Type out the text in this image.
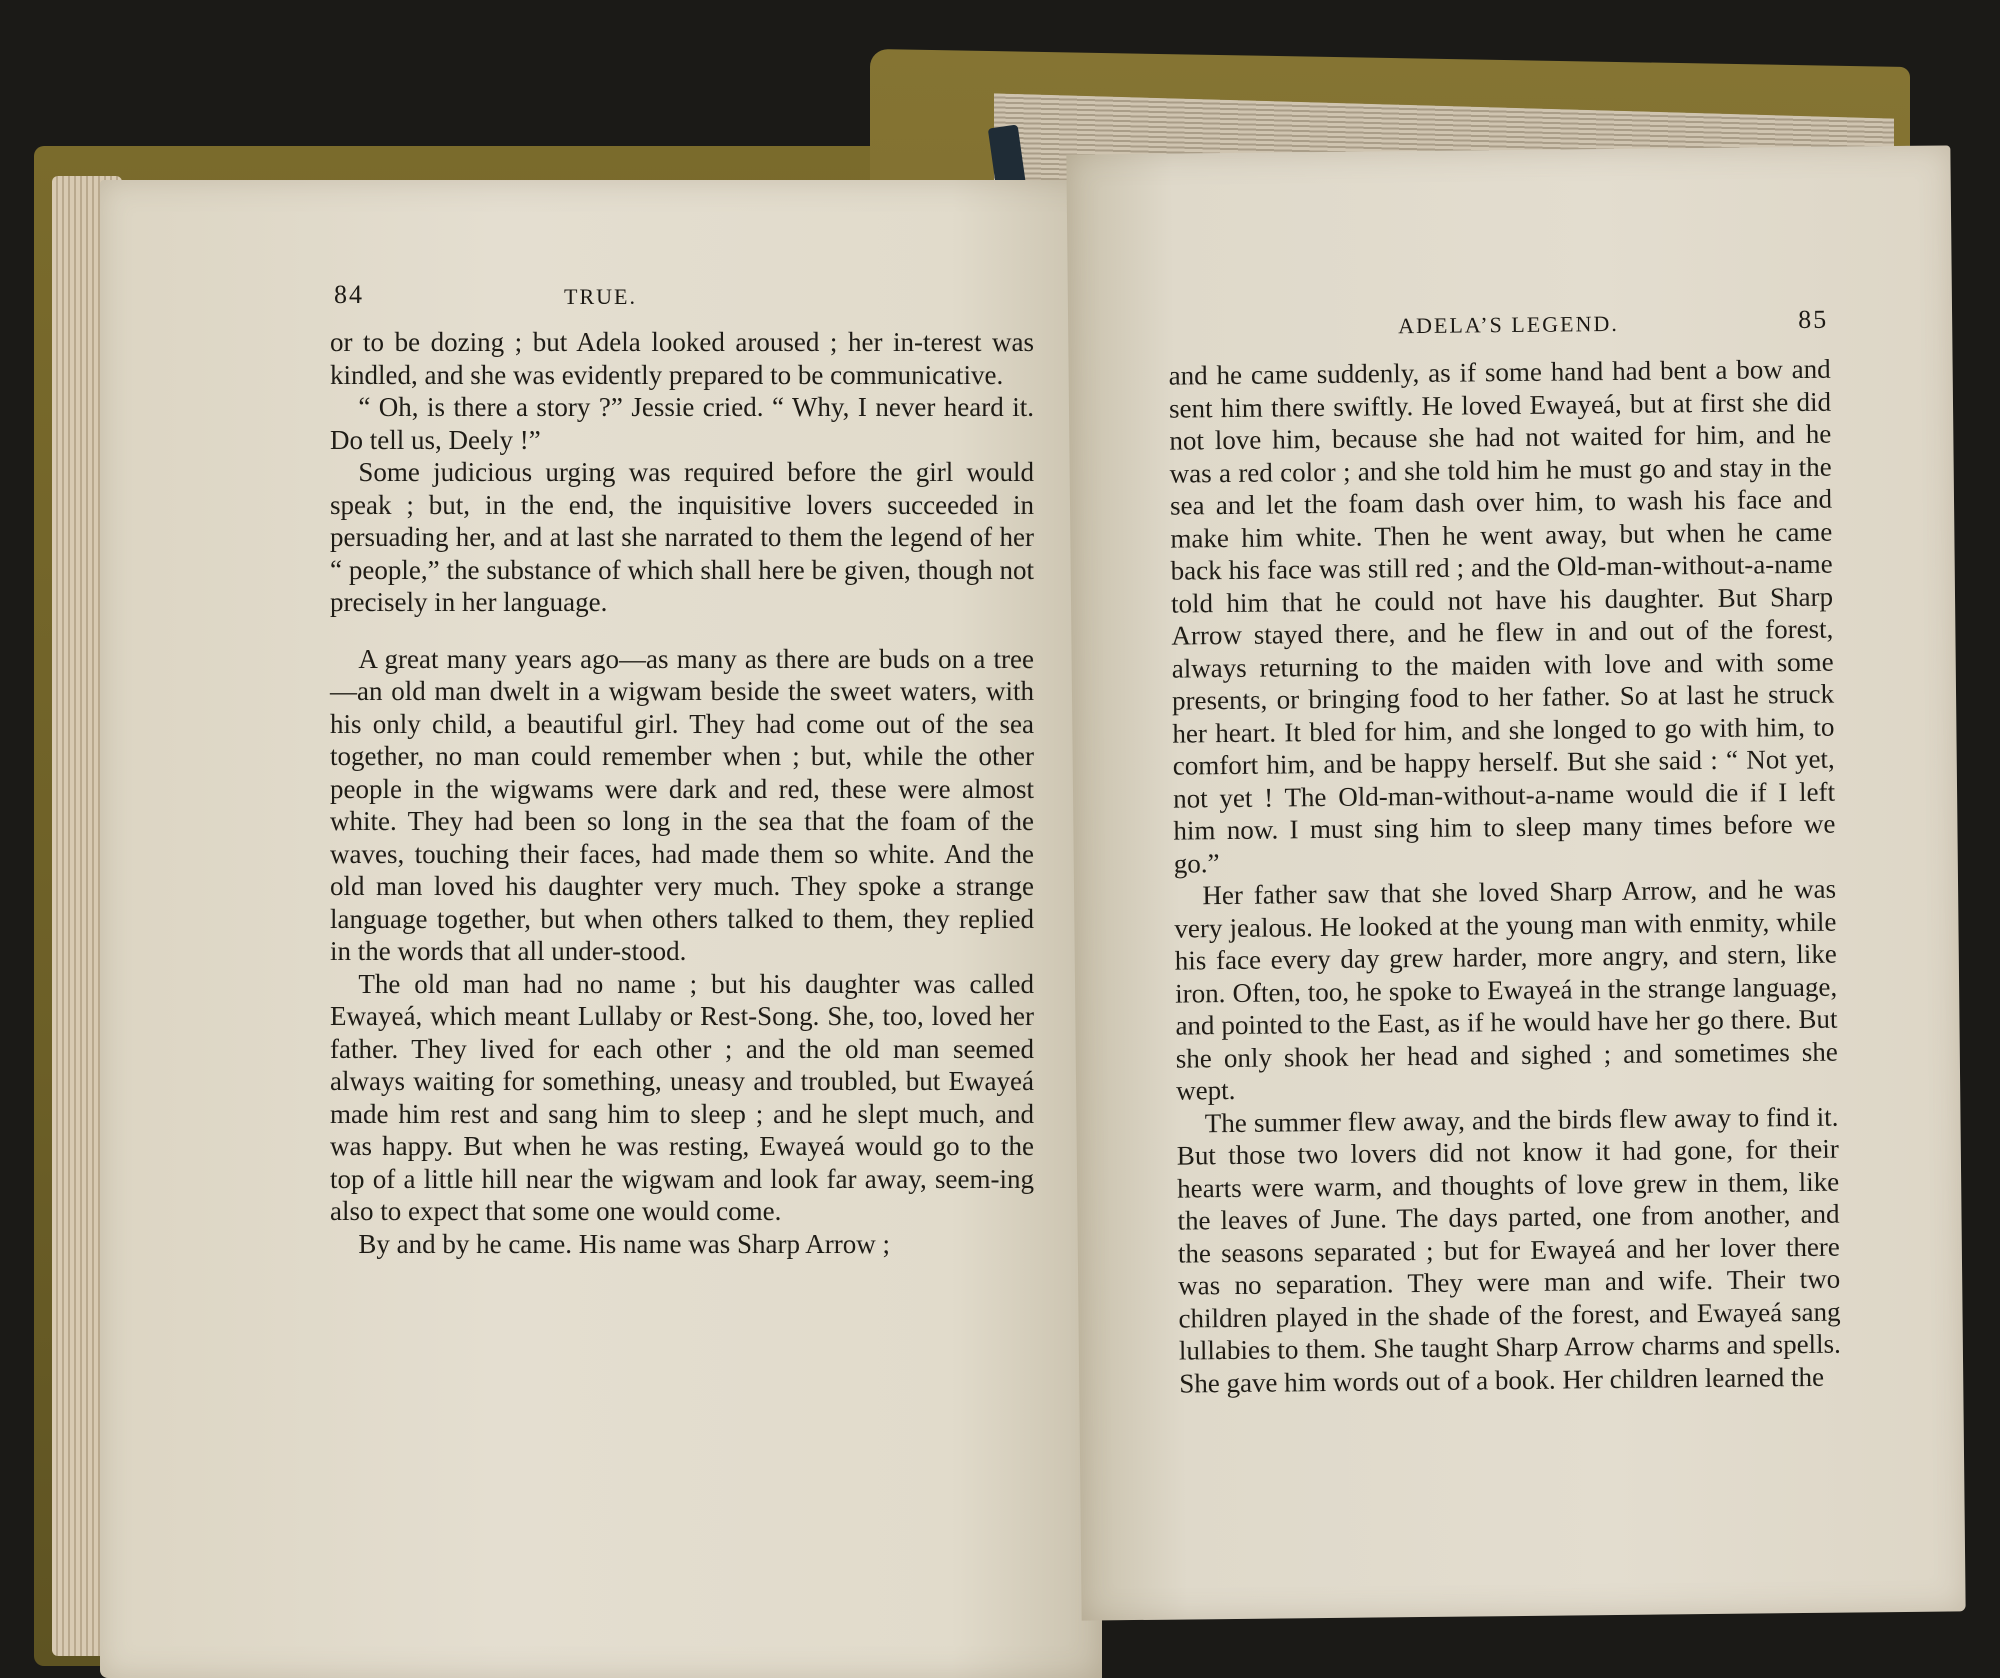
84	TRUE.

or to be dozing ; but Adela looked aroused ; her in-terest was kindled, and she was evidently prepared to be communicative.

“ Oh, is there a story ?” Jessie cried. “ Why, I never heard it. Do tell us, Deely !”

Some judicious urging was required before the girl would speak ; but, in the end, the inquisitive lovers succeeded in persuading her, and at last she narrated to them the legend of her “ people,” the substance of which shall here be given, though not precisely in her language.

A great many years ago—as many as there are buds on a tree—an old man dwelt in a wigwam beside the sweet waters, with his only child, a beautiful girl. They had come out of the sea together, no man could remember when ; but, while the other people in the wigwams were dark and red, these were almost white. They had been so long in the sea that the foam of the waves, touching their faces, had made them so white. And the old man loved his daughter very much. They spoke a strange language together, but when others talked to them, they replied in the words that all under-stood.

The old man had no name ; but his daughter was called Ewayeá, which meant Lullaby or Rest-Song. She, too, loved her father. They lived for each other ; and the old man seemed always waiting for something, uneasy and troubled, but Ewayeá made him rest and sang him to sleep ; and he slept much, and was happy. But when he was resting, Ewayeá would go to the top of a little hill near the wigwam and look far away, seem-ing also to expect that some one would come.

By and by he came. His name was Sharp Arrow ;

ADELA’S LEGEND.	85

and he came suddenly, as if some hand had bent a bow and sent him there swiftly. He loved Ewayeá, but at first she did not love him, because she had not waited for him, and he was a red color ; and she told him he must go and stay in the sea and let the foam dash over him, to wash his face and make him white. Then he went away, but when he came back his face was still red ; and the Old-man-without-a-name told him that he could not have his daughter. But Sharp Arrow stayed there, and he flew in and out of the forest, always returning to the maiden with love and with some presents, or bringing food to her father. So at last he struck her heart. It bled for him, and she longed to go with him, to comfort him, and be happy herself. But she said : “ Not yet, not yet ! The Old-man-without-a-name would die if I left him now. I must sing him to sleep many times before we go.”

Her father saw that she loved Sharp Arrow, and he was very jealous. He looked at the young man with enmity, while his face every day grew harder, more angry, and stern, like iron. Often, too, he spoke to Ewayeá in the strange language, and pointed to the East, as if he would have her go there. But she only shook her head and sighed ; and sometimes she wept.

The summer flew away, and the birds flew away to find it. But those two lovers did not know it had gone, for their hearts were warm, and thoughts of love grew in them, like the leaves of June. The days parted, one from another, and the seasons separated ; but for Ewayeá and her lover there was no separation. They were man and wife. Their two children played in the shade of the forest, and Ewayeá sang lullabies to them. She taught Sharp Arrow charms and spells. She gave him words out of a book. Her children learned the
